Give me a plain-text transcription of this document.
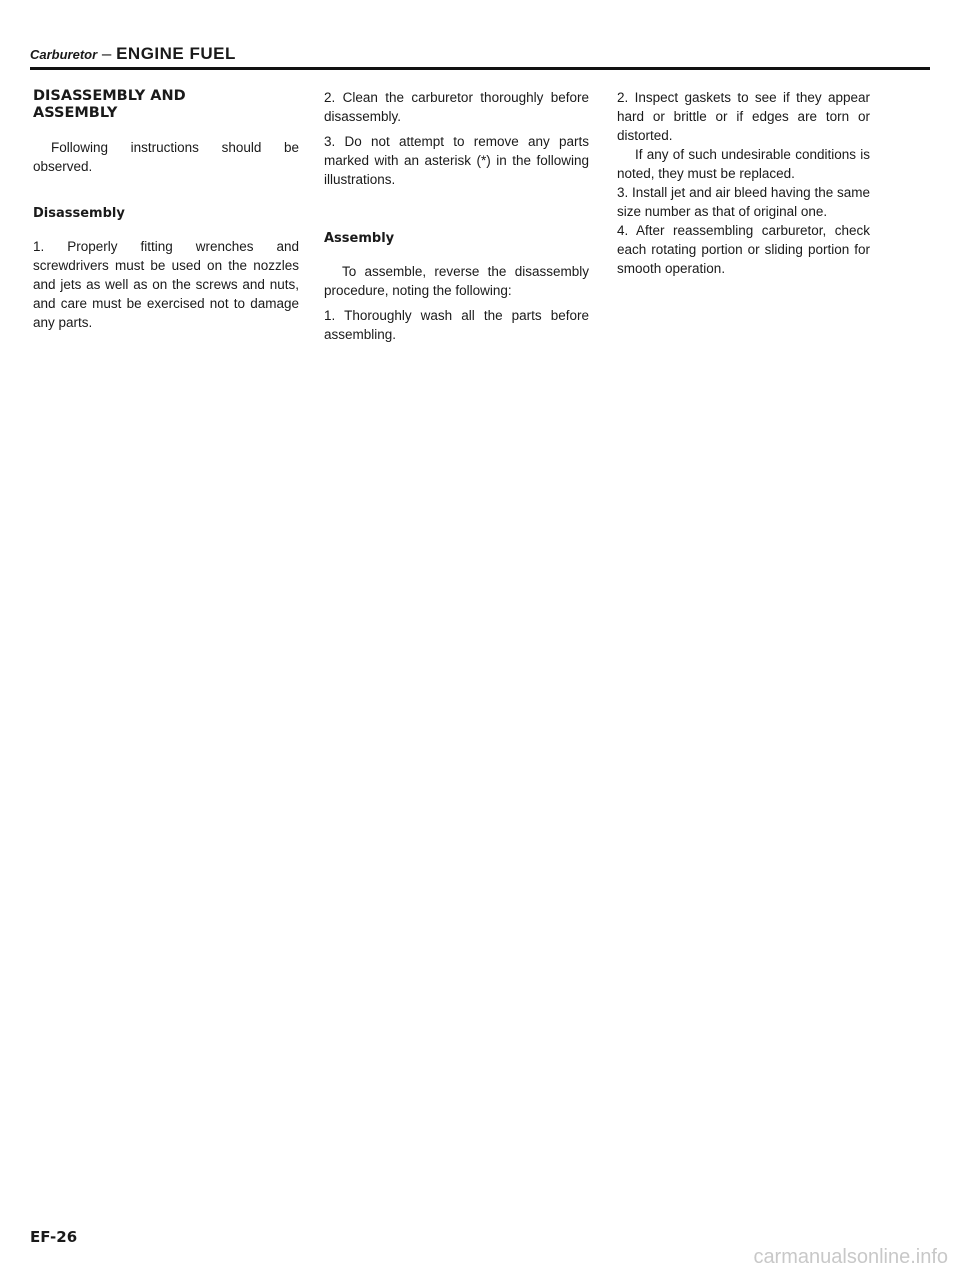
Carburetor – ENGINE FUEL
DISASSEMBLY AND
ASSEMBLY

Following instructions should be observed.

Disassembly

1. Properly fitting wrenches and screwdrivers must be used on the nozzles and jets as well as on the screws and nuts, and care must be exercised not to damage any parts.

2. Clean the carburetor thoroughly before disassembly.

3. Do not attempt to remove any parts marked with an asterisk (*) in the following illustrations.

Assembly

To assemble, reverse the disassembly procedure, noting the following:

1. Thoroughly wash all the parts before assembling.

2. Inspect gaskets to see if they appear hard or brittle or if edges are torn or distorted.

If any of such undesirable conditions is noted, they must be replaced.

3. Install jet and air bleed having the same size number as that of original one.

4. After reassembling carburetor, check each rotating portion or sliding portion for smooth operation.

EF-26
carmanualsonline.info
